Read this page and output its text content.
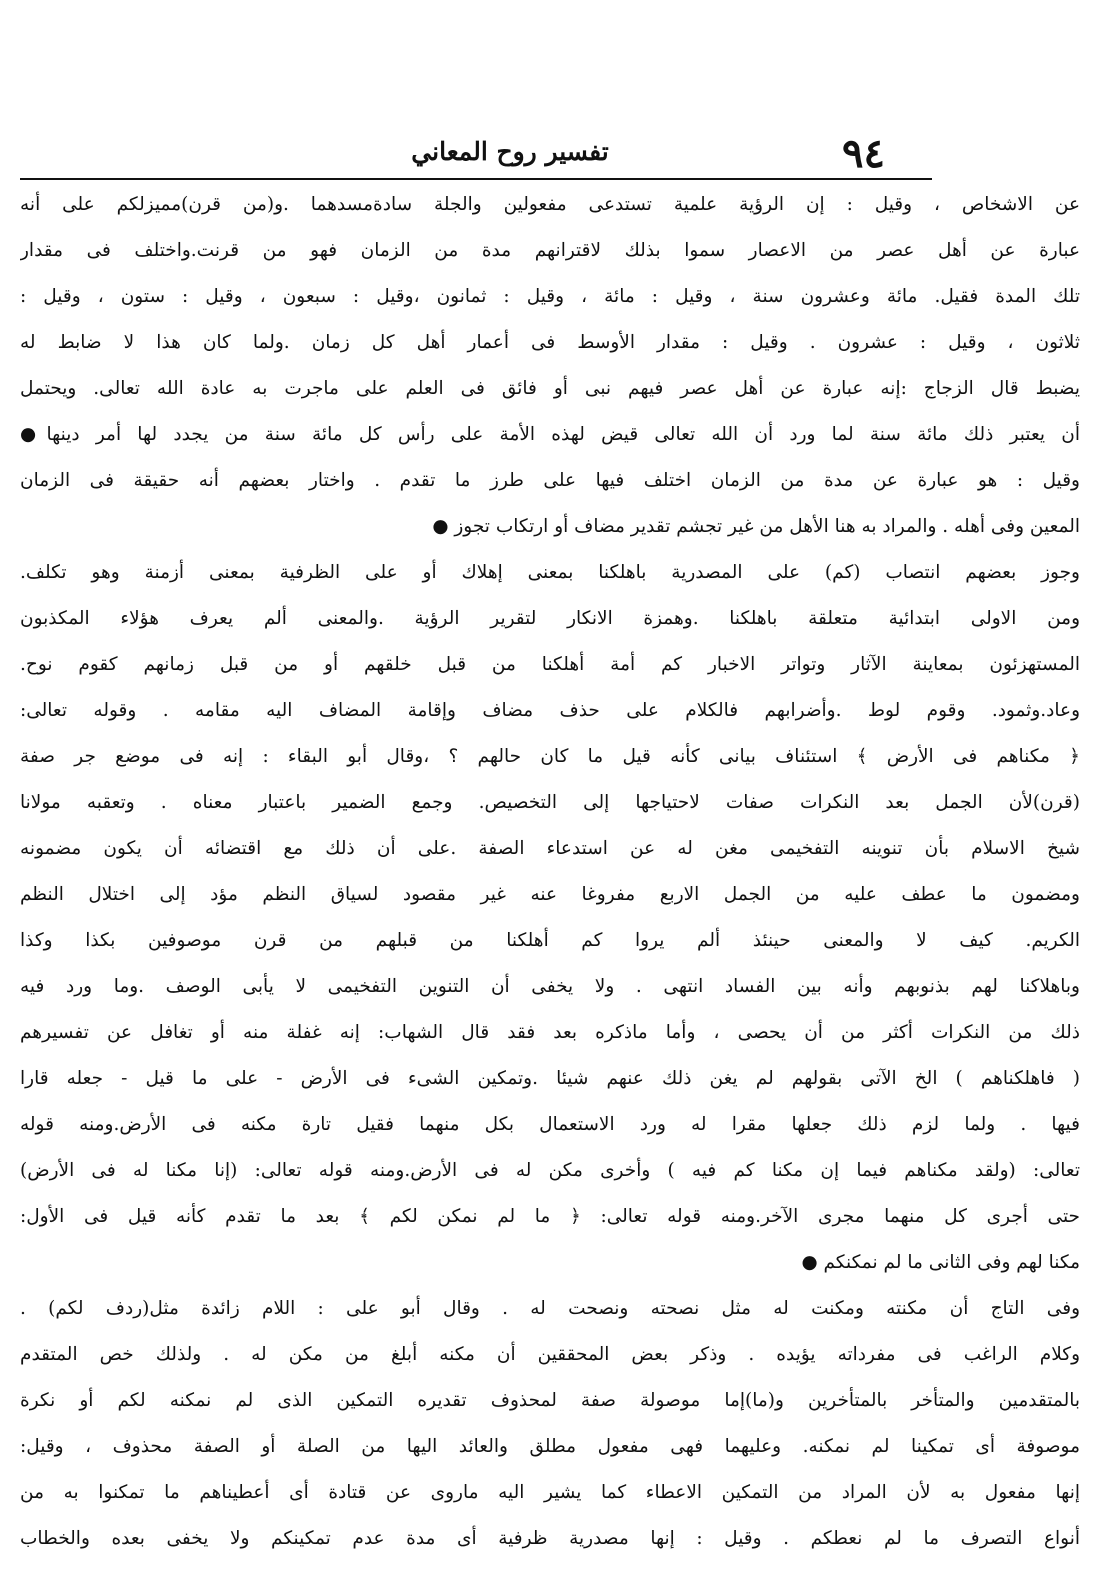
تفسير روح المعاني	٩٤
عن الاشخاص ، وقيل : إن الرؤية علمية تستدعى مفعولين والجلة سادةمسدهما .و(من قرن)مميزلكم على أنه
عبارة عن أهل عصر من الاعصار سموا بذلك لاقترانهم مدة من الزمان فهو من قرنت.واختلف فى مقدار
تلك المدة فقيل. مائة وعشرون سنة ، وقيل : مائة ، وقيل : ثمانون ،وقيل : سبعون ، وقيل : ستون ، وقيل :
ثلاثون ، وقيل : عشرون . وقيل : مقدار الأوسط فى أعمار أهل كل زمان .ولما كان هذا لا ضابط له
يضبط قال الزجاج :إنه عبارة عن أهل عصر فيهم نبى أو فائق فى العلم على ماجرت به عادة الله تعالى. ويحتمل
أن يعتبر ذلك مائة سنة لما ورد أن الله تعالى قيض لهذه الأمة على رأس كل مائة سنة من يجدد لها أمر دينها●
وقيل : هو عبارة عن مدة من الزمان اختلف فيها على طرز ما تقدم . واختار بعضهم أنه حقيقة فى الزمان
المعين وفى أهله . والمراد به هنا الأهل من غير تجشم تقدير مضاف أو ارتكاب تجوز ●
وجوز بعضهم انتصاب (كم) على المصدرية باهلكنا بمعنى إهلاك أو على الظرفية بمعنى أزمنة وهو تكلف.
ومن الاولى ابتدائية متعلقة باهلكنا .وهمزة الانكار لتقرير الرؤية .والمعنى ألم يعرف هؤلاء المكذبون
المستهزئون بمعاينة الآثار وتواتر الاخبار كم أمة أهلكنا من قبل خلقهم أو من قبل زمانهم كقوم نوح.
وعاد.وثمود. وقوم لوط .وأضرابهم فالكلام على حذف مضاف وإقامة المضاف اليه مقامه . وقوله تعالى:
﴿ مكناهم فى الأرض ﴾ استئناف بيانى كأنه قيل ما كان حالهم ؟ ،وقال أبو البقاء : إنه فى موضع جر صفة
(قرن)لأن الجمل بعد النكرات صفات لاحتياجها إلى التخصيص. وجمع الضمير باعتبار معناه . وتعقبه مولانا
شيخ الاسلام بأن تنوينه التفخيمى مغن له عن استدعاء الصفة .على أن ذلك مع اقتضائه أن يكون مضمونه
ومضمون ما عطف عليه من الجمل الاربع مفروغا عنه غير مقصود لسياق النظم مؤد إلى اختلال النظم
الكريم. كيف لا والمعنى حينئذ ألم يروا كم أهلكنا من قبلهم من قرن موصوفين بكذا وكذا
وباهلاكنا لهم بذنوبهم وأنه بين الفساد انتهى . ولا يخفى أن التنوين التفخيمى لا يأبى الوصف .وما ورد فيه
ذلك من النكرات أكثر من أن يحصى ، وأما ماذكره بعد فقد قال الشهاب: إنه غفلة منه أو تغافل عن تفسيرهم
( فاهلكناهم ) الخ الآتى بقولهم لم يغن ذلك عنهم شيئا .وتمكين الشىء فى الأرض - على ما قيل - جعله قارا
فيها . ولما لزم ذلك جعلها مقرا له ورد الاستعمال بكل منهما فقيل تارة مكنه فى الأرض.ومنه قوله
تعالى: (ولقد مكناهم فيما إن مكنا كم فيه ) وأخرى مكن له فى الأرض.ومنه قوله تعالى: (إنا مكنا له فى الأرض)
حتى أجرى كل منهما مجرى الآخر.ومنه قوله تعالى: ﴿ ما لم نمكن لكم ﴾ بعد ما تقدم كأنه قيل فى الأول:
مكنا لهم وفى الثانى ما لم نمكنكم ●
وفى التاج أن مكنته ومكنت له مثل نصحته ونصحت له . وقال أبو على : اللام زائدة مثل(ردف لكم) .
وكلام الراغب فى مفرداته يؤيده . وذكر بعض المحققين أن مكنه أبلغ من مكن له . ولذلك خص المتقدم
بالمتقدمين والمتأخر بالمتأخرين و(ما)إما موصولة صفة لمحذوف تقديره التمكين الذى لم نمكنه لكم أو نكرة
موصوفة أى تمكينا لم نمكنه. وعليهما فهى مفعول مطلق والعائد اليها من الصلة أو الصفة محذوف ، وقيل:
إنها مفعول به لأن المراد من التمكين الاعطاء كما يشير اليه ماروى عن قتادة أى أعطيناهم ما تمكنوا به من
أنواع التصرف ما لم نعطكم . وقيل : إنها مصدرية ظرفية أى مدة عدم تمكينكم ولا يخفى بعده والخطاب
